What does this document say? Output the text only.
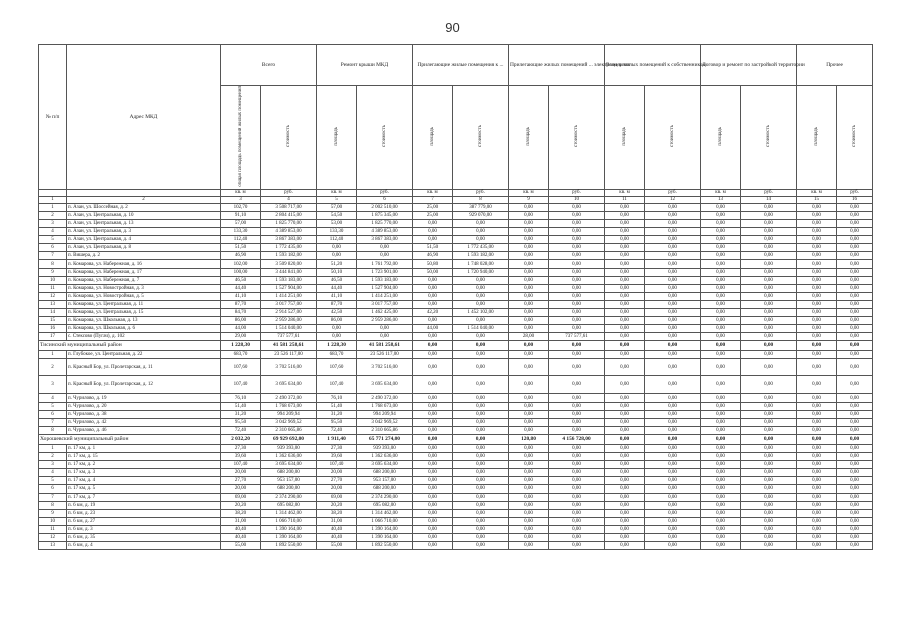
90
№ п/п	Адрес МКД	Всего		Ремонт крыши МКД		Прилегающие жилые помещения к ...		Прилегающие жилых помещений ... электроэнергии		Вход в жилых помещений к собственником		Договор и ремонт по застройкой территории		Прочее	
		общая площадь помещений жилых помещений	стоимость	площадь	стоимость	площадь	стоимость	площадь	стоимость	площадь	стоимость	площадь	стоимость	площадь	стоимость
		кв. м	руб.	кв. м	руб.	кв. м	руб.	кв. м	руб.	кв. м	руб.	кв. м	руб.	кв. м	руб.
1	2	3	4	5	6	7	8	9	10	11	12	13	14	15	16
1	п. Азан, ул. Шоссейная, д. 2	102,70	3 508 717,00	57,00	2 002 510,00	25,00	387 779,00	0,00	0,00	0,00	0,00	0,00	0,00	0,00	0,00
2	п. Азан, ул. Центральная, д. 10	91,10	2 804 415,00	54,50	1 875 345,00	25,00	929 070,00	0,00	0,00	0,00	0,00	0,00	0,00	0,00	0,00
3	п. Азан, ул. Центральная, д. 13	57,00	1 825 770,00	53,00	1 825 770,00	0,00	0,00	0,00	0,00	0,00	0,00	0,00	0,00	0,00	0,00
4	п. Азан, ул. Центральная, д. 3	133,30	4 389 853,00	133,30	4 389 853,00	0,00	0,00	0,00	0,00	0,00	0,00	0,00	0,00	0,00	0,00
5	п. Азан, ул. Центральная, д. 4	112,40	3 867 383,00	112,40	3 867 383,00	0,00	0,00	0,00	0,00	0,00	0,00	0,00	0,00	0,00	0,00
6	п. Азан, ул. Центральная, д. 8	51,50	1 772 435,00	0,00	0,00	51,50	1 772 435,00	0,00	0,00	0,00	0,00	0,00	0,00	0,00	0,00
7	п. Вишера, д. 2	46,90	1 593 182,00	0,00	0,00	46,90	1 593 182,00	0,00	0,00	0,00	0,00	0,00	0,00	0,00	0,00
8	п. Комарова, ул. Набережная, д. 16	102,00	3 509 820,00	51,20	1 761 792,00	50,80	1 748 028,00	0,00	0,00	0,00	0,00	0,00	0,00	0,00	0,00
9	п. Комарова, ул. Набережная, д. 17	100,00	3 444 841,00	50,10	1 723 901,00	50,00	1 720 940,00	0,00	0,00	0,00	0,00	0,00	0,00	0,00	0,00
10	п. Комарова, ул. Набережная, д. 7	46,50	1 593 183,00	46,50	1 593 183,00	0,00	0,00	0,00	0,00	0,00	0,00	0,00	0,00	0,00	0,00
11	п. Комарова, ул. Новостройная, д. 3	44,40	1 527 904,00	44,40	1 527 904,00	0,00	0,00	0,00	0,00	0,00	0,00	0,00	0,00	0,00	0,00
12	п. Комарова, ул. Новостройная, д. 5	41,10	1 414 251,00	41,10	1 414 251,00	0,00	0,00	0,00	0,00	0,00	0,00	0,00	0,00	0,00	0,00
13	п. Комарова, ул. Центральная, д. 11	87,70	3 017 757,00	87,70	3 017 757,00	0,00	0,00	0,00	0,00	0,00	0,00	0,00	0,00	0,00	0,00
14	п. Комарова, ул. Центральная, д. 15	84,70	2 914 527,00	42,50	1 462 425,00	42,20	1 452 102,00	0,00	0,00	0,00	0,00	0,00	0,00	0,00	0,00
15	п. Комарова, ул. Школьная, д. 13	86,00	2 959 286,00	86,00	2 959 286,00	0,00	0,00	0,00	0,00	0,00	0,00	0,00	0,00	0,00	0,00
16	п. Комарова, ул. Школьная, д. 6	44,00	1 514 040,00	0,00	0,00	44,00	1 514 040,00	0,00	0,00	0,00	0,00	0,00	0,00	0,00	0,00
17	с. Стексово (Пугач), д. 102	29,00	737 577,61	0,00	0,00	0,00	0,00	28,00	737 577,61	0,00	0,00	0,00	0,00	0,00	0,00
Тисинский муниципальный район		1 228,30	41 581 258,61	1 228,30	41 581 258,61	0,00	0,00	0,00	0,00	0,00	0,00	0,00	0,00	0,00	0,00
1	п. Глубокое, ул. Центральная, д. 22	683,70	23 526 117,00	683,70	23 526 117,00	0,00	0,00	0,00	0,00	0,00	0,00	0,00	0,00	0,00	0,00
2	п. Красный Бор, ул. Пролетарская, д. 11	107,60	3 702 516,00	107,60	3 702 516,00	0,00	0,00	0,00	0,00	0,00	0,00	0,00	0,00	0,00	0,00
3	п. Красный Бор, ул. Пролетарская, д. 12	107,40	3 695 634,00	107,40	3 695 634,00	0,00	0,00	0,00	0,00	0,00	0,00	0,00	0,00	0,00	0,00
4	п. Чурилово, д. 19	76,10	2 490 372,00	76,10	2 490 372,00	0,00	0,00	0,00	0,00	0,00	0,00	0,00	0,00	0,00	0,00
5	п. Чурилово, д. 20	51,40	1 768 673,00	51,40	1 768 673,00	0,00	0,00	0,00	0,00	0,00	0,00	0,00	0,00	0,00	0,00
6	п. Чурилово, д. 38	31,20	994 209,94	31,20	994 209,94	0,00	0,00	0,00	0,00	0,00	0,00	0,00	0,00	0,00	0,00
7	п. Чурилово, д. 42	95,50	3 042 969,52	95,50	3 042 969,52	0,00	0,00	0,00	0,00	0,00	0,00	0,00	0,00	0,00	0,00
8	п. Чурилово, д. 46	72,40	2 310 665,86	72,40	2 310 665,86	0,00	0,00	0,00	0,00	0,00	0,00	0,00	0,00	0,00	0,00
Хорошевский муниципальный район		2 032,20	69 929 692,00	1 911,40	65 771 274,00	0,00	0,00	120,80	4 156 728,00	0,00	0,00	0,00	0,00	0,00	0,00
1	п. 17 км, д. 1	27,30	939 393,00	27,30	939 393,00	0,00	0,00	0,00	0,00	0,00	0,00	0,00	0,00	0,00	0,00
2	п. 17 км, д. 15	39,60	1 362 636,00	39,60	1 362 636,00	0,00	0,00	0,00	0,00	0,00	0,00	0,00	0,00	0,00	0,00
3	п. 17 км, д. 2	107,40	3 695 634,00	107,40	3 695 634,00	0,00	0,00	0,00	0,00	0,00	0,00	0,00	0,00	0,00	0,00
4	п. 17 км, д. 3	20,00	688 200,00	20,00	688 200,00	0,00	0,00	0,00	0,00	0,00	0,00	0,00	0,00	0,00	0,00
5	п. 17 км, д. 4	27,70	953 157,00	27,70	953 157,00	0,00	0,00	0,00	0,00	0,00	0,00	0,00	0,00	0,00	0,00
6	п. 17 км, д. 5	20,00	688 200,00	20,00	688 200,00	0,00	0,00	0,00	0,00	0,00	0,00	0,00	0,00	0,00	0,00
7	п. 17 км, д. 7	69,00	2 374 290,00	69,00	2 374 290,00	0,00	0,00	0,00	0,00	0,00	0,00	0,00	0,00	0,00	0,00
8	п. 6 км, д. 19	20,20	695 082,00	20,20	695 082,00	0,00	0,00	0,00	0,00	0,00	0,00	0,00	0,00	0,00	0,00
9	п. 6 км, д. 23	38,20	1 314 462,00	38,20	1 314 462,00	0,00	0,00	0,00	0,00	0,00	0,00	0,00	0,00	0,00	0,00
10	п. 6 км, д. 27	31,00	1 066 710,00	31,00	1 066 710,00	0,00	0,00	0,00	0,00	0,00	0,00	0,00	0,00	0,00	0,00
11	п. 6 км, д. 3	40,40	1 390 164,00	40,40	1 390 164,00	0,00	0,00	0,00	0,00	0,00	0,00	0,00	0,00	0,00	0,00
12	п. 6 км, д. 35	40,40	1 390 164,00	40,40	1 390 164,00	0,00	0,00	0,00	0,00	0,00	0,00	0,00	0,00	0,00	0,00
13	п. 6 км, д. 4	55,00	1 892 550,00	55,00	1 892 550,00	0,00	0,00	0,00	0,00	0,00	0,00	0,00	0,00	0,00	0,00
